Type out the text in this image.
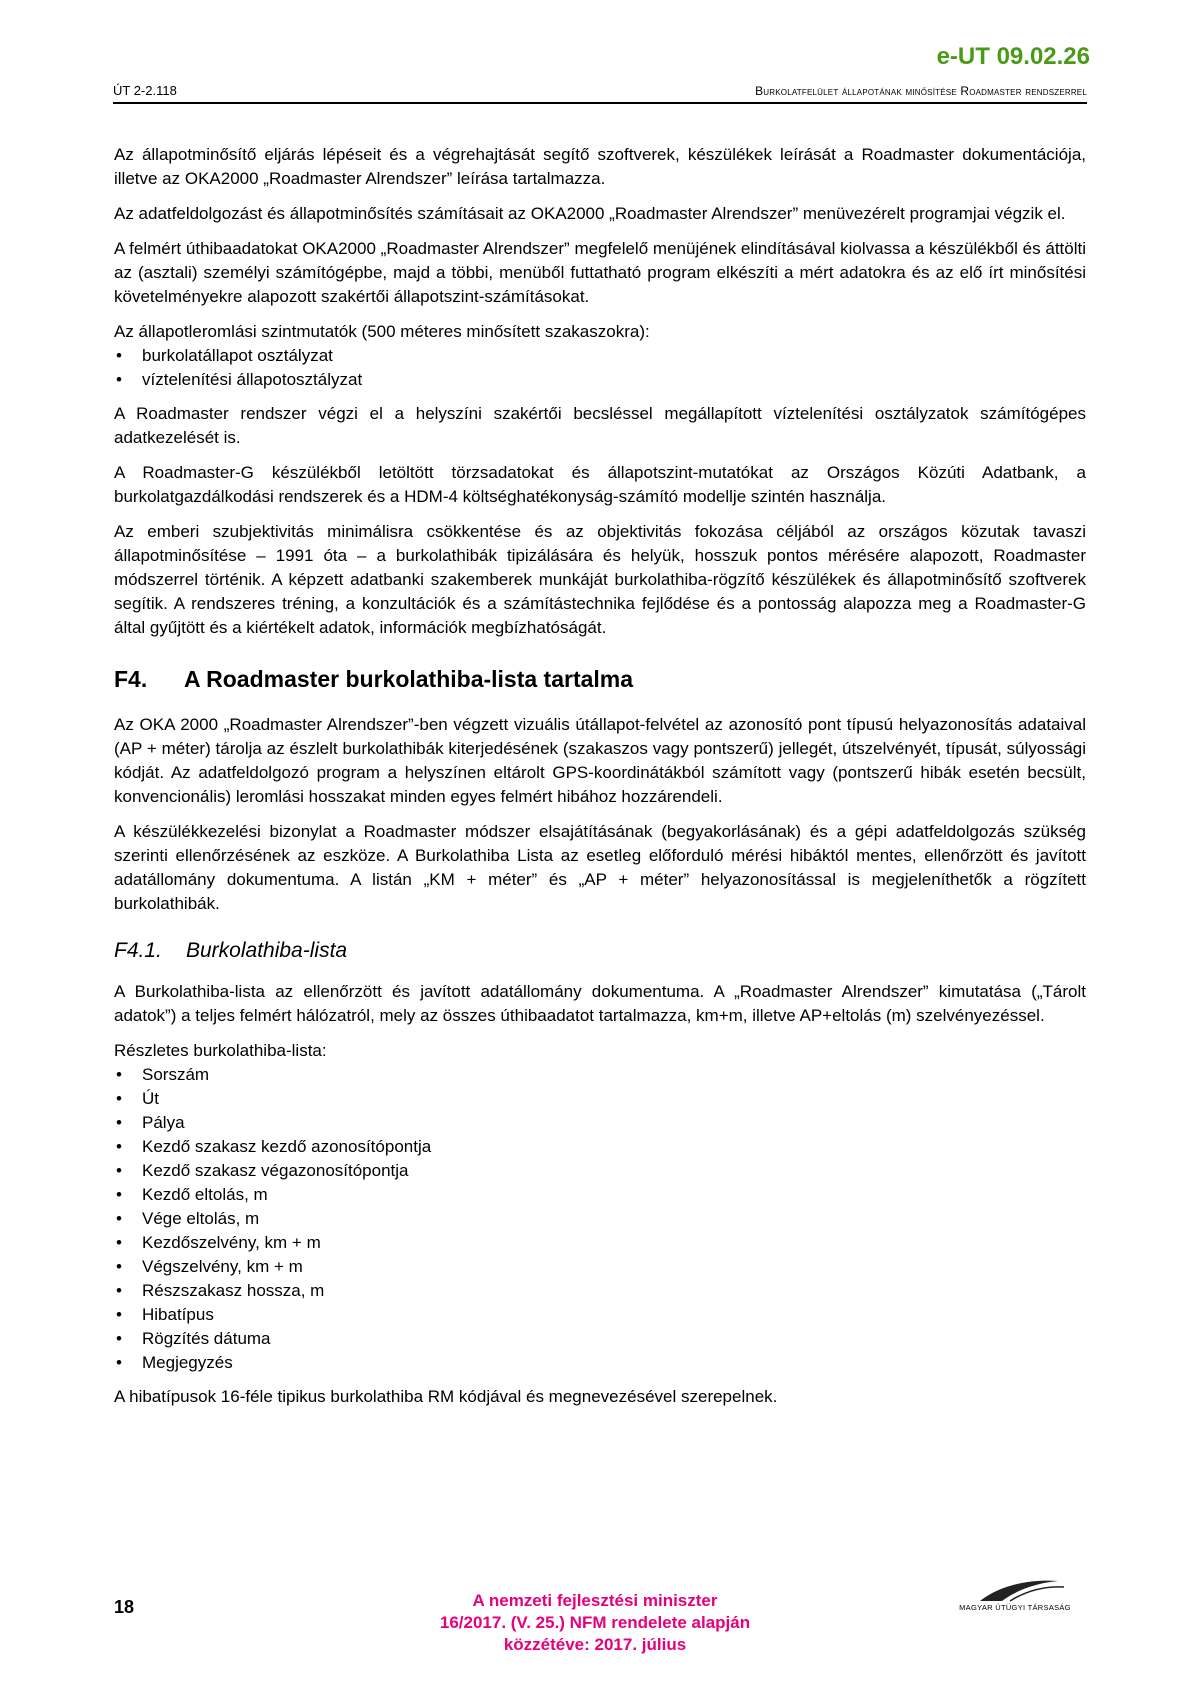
e-UT 09.02.26
ÚT 2-2.118	Burkolatfelület állapotának minősítése Roadmaster rendszerrel

Az állapotminősítő eljárás lépéseit és a végrehajtását segítő szoftverek, készülékek leírását a Roadmaster dokumentációja, illetve az OKA2000 „Roadmaster Alrendszer” leírása tartalmazza.

Az adatfeldolgozást és állapotminősítés számításait az OKA2000 „Roadmaster Alrendszer” menüvezérelt programjai végzik el.

A felmért úthibaadatokat OKA2000 „Roadmaster Alrendszer” megfelelő menüjének elindításával kiolvassa a készülékből és áttölti az (asztali) személyi számítógépbe, majd a többi, menüből futtatható program elkészíti a mért adatokra és az elő írt minősítési követelményekre alapozott szakértői állapotszint-számításokat.

Az állapotleromlási szintmutatók (500 méteres minősített szakaszokra):

• burkolatállapot osztályzat
• víztelenítési állapotosztályzat

A Roadmaster rendszer végzi el a helyszíni szakértői becsléssel megállapított víztelenítési osztályzatok számítógépes adatkezelését is.

A Roadmaster-G készülékből letöltött törzsadatokat és állapotszint-mutatókat az Országos Közúti Adatbank, a burkolatgazdálkodási rendszerek és a HDM-4 költséghatékonyság-számító modellje szintén használja.

Az emberi szubjektivitás minimálisra csökkentése és az objektivitás fokozása céljából az országos közutak tavaszi állapotminősítése – 1991 óta – a burkolathibák tipizálására és helyük, hosszuk pontos mérésére alapozott, Roadmaster módszerrel történik. A képzett adatbanki szakemberek munkáját burkolathiba-rögzítő készülékek és állapotminősítő szoftverek segítik. A rendszeres tréning, a konzultációk és a számítástechnika fejlődése és a pontosság alapozza meg a Roadmaster-G által gyűjtött és a kiértékelt adatok, információk megbízhatóságát.

F4.	A Roadmaster burkolathiba-lista tartalma

Az OKA 2000 „Roadmaster Alrendszer”-ben végzett vizuális útállapot-felvétel az azonosító pont típusú helyazonosítás adataival (AP + méter) tárolja az észlelt burkolathibák kiterjedésének (szakaszos vagy pontszerű) jellegét, útszelvényét, típusát, súlyossági kódját. Az adatfeldolgozó program a helyszínen eltárolt GPS-koordinátákból számított vagy (pontszerű hibák esetén becsült, konvencionális) leromlási hosszakat minden egyes felmért hibához hozzárendeli.

A készülékkezelési bizonylat a Roadmaster módszer elsajátításának (begyakorlásának) és a gépi adatfeldolgozás szükség szerinti ellenőrzésének az eszköze. A Burkolathiba Lista az esetleg előforduló mérési hibáktól mentes, ellenőrzött és javított adatállomány dokumentuma. A listán „KM + méter” és „AP + méter” helyazonosítással is megjeleníthetők a rögzített burkolathibák.

F4.1.	Burkolathiba-lista

A Burkolathiba-lista az ellenőrzött és javított adatállomány dokumentuma. A „Roadmaster Alrendszer” kimutatása („Tárolt adatok”) a teljes felmért hálózatról, mely az összes úthibaadatot tartalmazza, km+m, illetve AP+eltolás (m) szelvényezéssel.

Részletes burkolathiba-lista:

• Sorszám
• Út
• Pálya
• Kezdő szakasz kezdő azonosítópontja
• Kezdő szakasz végazonosítópontja
• Kezdő eltolás, m
• Vége eltolás, m
• Kezdőszelvény, km + m
• Végszelvény, km + m
• Részszakasz hossza, m
• Hibatípus
• Rögzítés dátuma
• Megjegyzés

A hibatípusok 16-féle tipikus burkolathiba RM kódjával és megnevezésével szerepelnek.

18	A nemzeti fejlesztési miniszter
16/2017. (V. 25.) NFM rendelete alapján
közzétéve: 2017. július
MAGYAR ÚTÜGYI TÁRSASÁG
